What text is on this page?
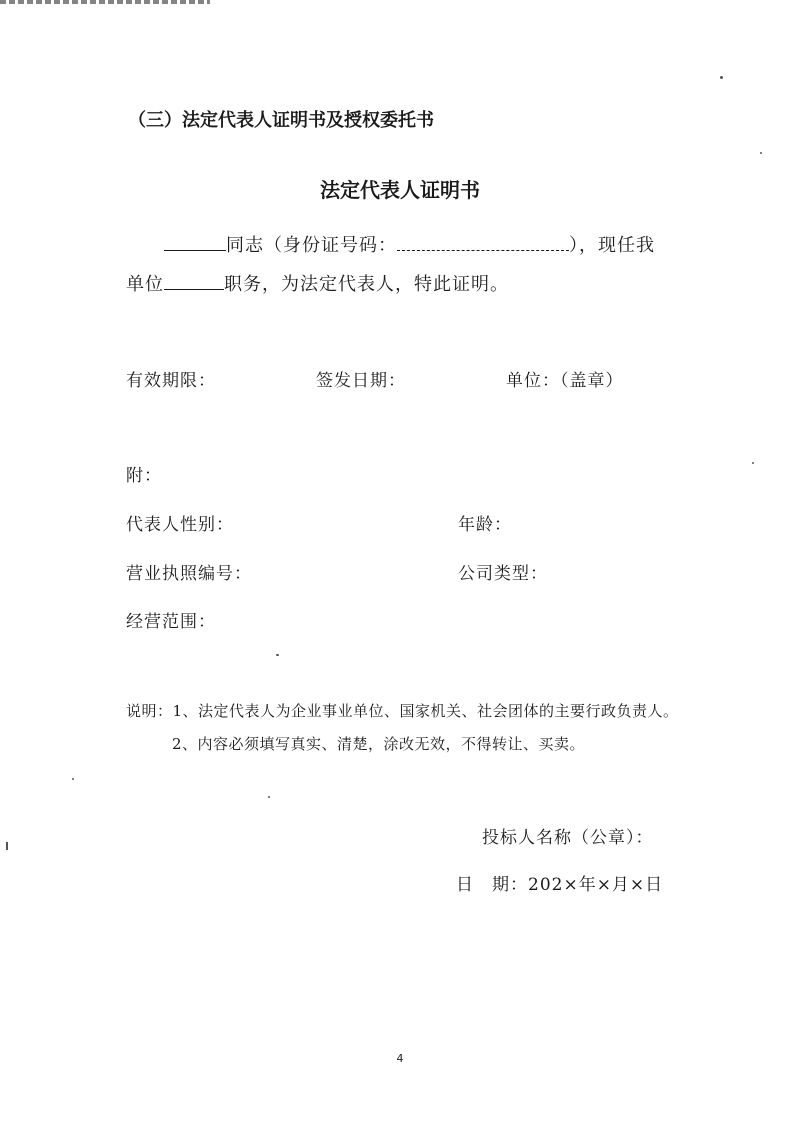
（三）法定代表人证明书及授权委托书
法定代表人证明书
同志（身份证号码：	），现任我
单位	职务，为法定代表人，特此证明。
有效期限：	签发日期：	单位：（盖章）
附：
代表人性别：	年龄：
营业执照编号：	公司类型：
经营范围：
说明：1、法定代表人为企业事业单位、国家机关、社会团体的主要行政负责人。
2、内容必须填写真实、清楚，涂改无效，不得转让、买卖。
投标人名称（公章）：
日　期：202×年×月×日
4
